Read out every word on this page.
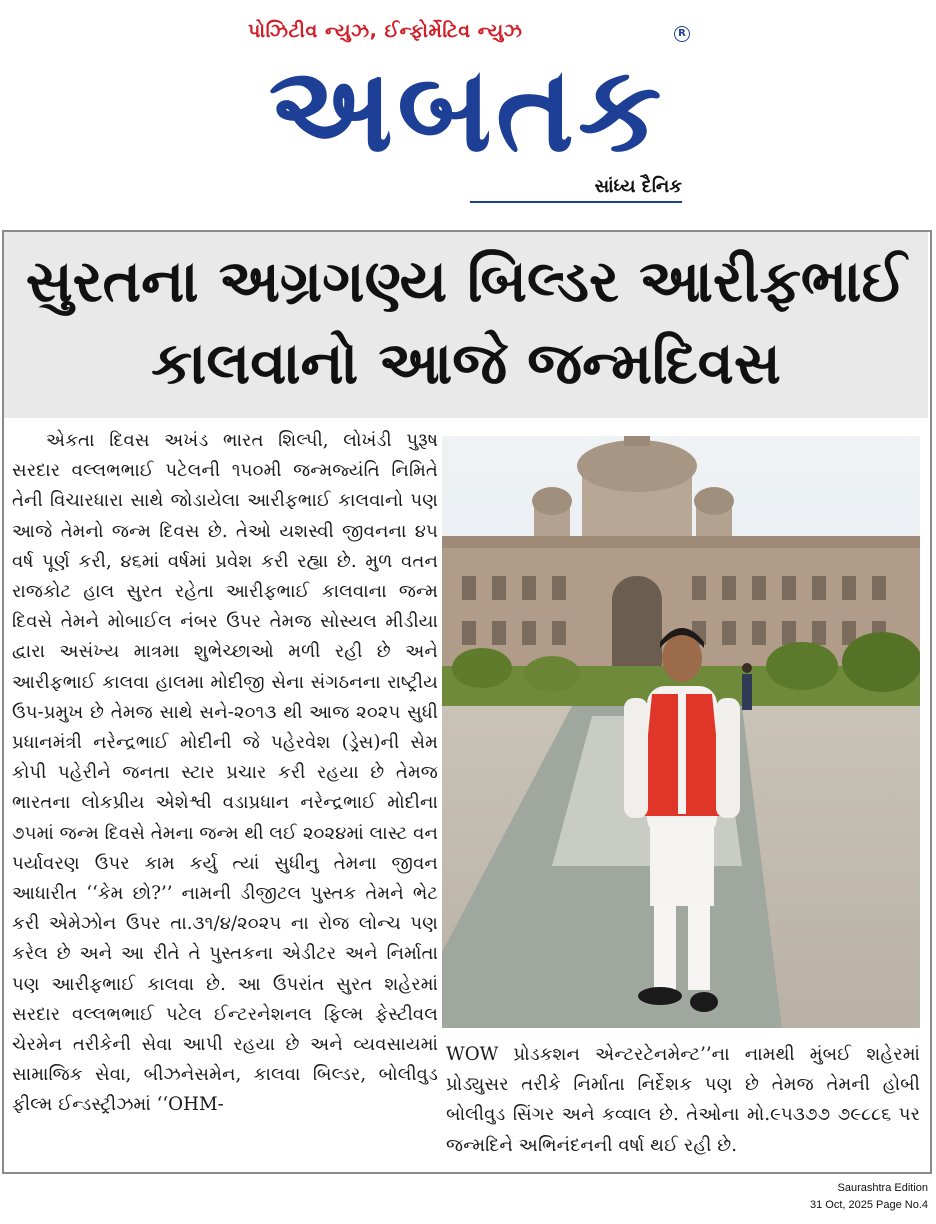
પોઝિટીવ ન્યુઝ, ઈન્ફોર્મેટિવ ન્યુઝ	R
અબતક
સાંધ્ય દૈનિક
સુરતના અગ્રગણ્ય બિલ્ડર આરીફભાઈ
કાલવાનો આજે જન્મદિવસ
એકતા દિવસ અખંડ ભારત શિલ્પી, લોખંડી પુરૂષ સરદાર વલ્લભભાઈ પટેલની ૧૫૦મી જન્મજ્યંતિ નિમિતે તેની વિચારધારા સાથે જોડાયેલા આરીફભાઈ કાલવાનો પણ આજે તેમનો જન્મ દિવસ છે. તેઓ યશસ્વી જીવનના ૪૫ વર્ષ પૂર્ણ કરી, ૪૬માં વર્ષમાં પ્રવેશ કરી રહ્યા છે. મુળ વતન રાજકોટ હાલ સુરત રહેતા આરીફભાઈ કાલવાના જન્મ દિવસે તેમને મોબાઈલ નંબર ઉપર તેમજ સોસ્યલ મીડીયા દ્વારા અસંખ્ય માત્રમા શુભેચ્છાઓ મળી રહી છે અને આરીફભાઈ કાલવા હાલમા મોદીજી સેના સંગઠનના રાષ્ટ્રીય ઉપ-પ્રમુખ છે તેમજ સાથે સને-૨૦૧૩ થી આજ ૨૦૨૫ સુધી પ્રધાનમંત્રી નરેન્દ્રભાઈ મોદીની જે પહેરવેશ (ડ્રેસ)ની સેમ કોપી પહેરીને જનતા સ્ટાર પ્રચાર કરી રહયા છે તેમજ ભારતના લોકપ્રીય એશેશ્વી વડાપ્રધાન નરેન્દ્રભાઈ મોદીના ૭૫માં જન્મ દિવસે તેમના જન્મ થી લઈ ૨૦૨૪માં લાસ્ટ વન પર્યાવરણ ઉપર કામ કર્યુ ત્યાં સુધીનુ તેમના જીવન આધારીત ‘‘કેમ છો?’’ નામની ડીજીટલ પુસ્તક તેમને ભેટ કરી એમેઝોન ઉપર તા.૩૧/૪/૨૦૨૫ ના રોજ લોન્ચ પણ કરેલ છે અને આ રીતે તે પુસ્તકના એડીટર અને નિર્માતા પણ આરીફભાઈ કાલવા છે. આ ઉપરાંત સુરત શહેરમાં સરદાર વલ્લભભાઈ પટેલ ઈન્ટરનેશનલ ફિલ્મ ફેસ્ટીવલ ચેરમેન તરીકેની સેવા આપી રહયા છે અને વ્યવસાયમાં સામાજિક સેવા, બીઝનેસમેન, કાલવા બિલ્ડર, બોલીવુડ ફીલ્મ ઈન્ડસ્ટ્રીઝમાં ‘‘OHM-
WOW પ્રોડકશન એન્ટરટેનમેન્ટ’’ના નામથી મુંબઈ શહેરમાં પ્રોડ્યુસર તરીકે નિર્માતા નિર્દેશક પણ છે તેમજ તેમની હોબી બોલીવુડ સિંગર અને કવ્વાલ છે. તેઓના મો.૯૫૩૭૭ ૭૯૮૮૬ પર જન્મદિને અભિનંદનની વર્ષા થઈ રહી છે.
Saurashtra Edition
31 Oct, 2025 Page No.4
